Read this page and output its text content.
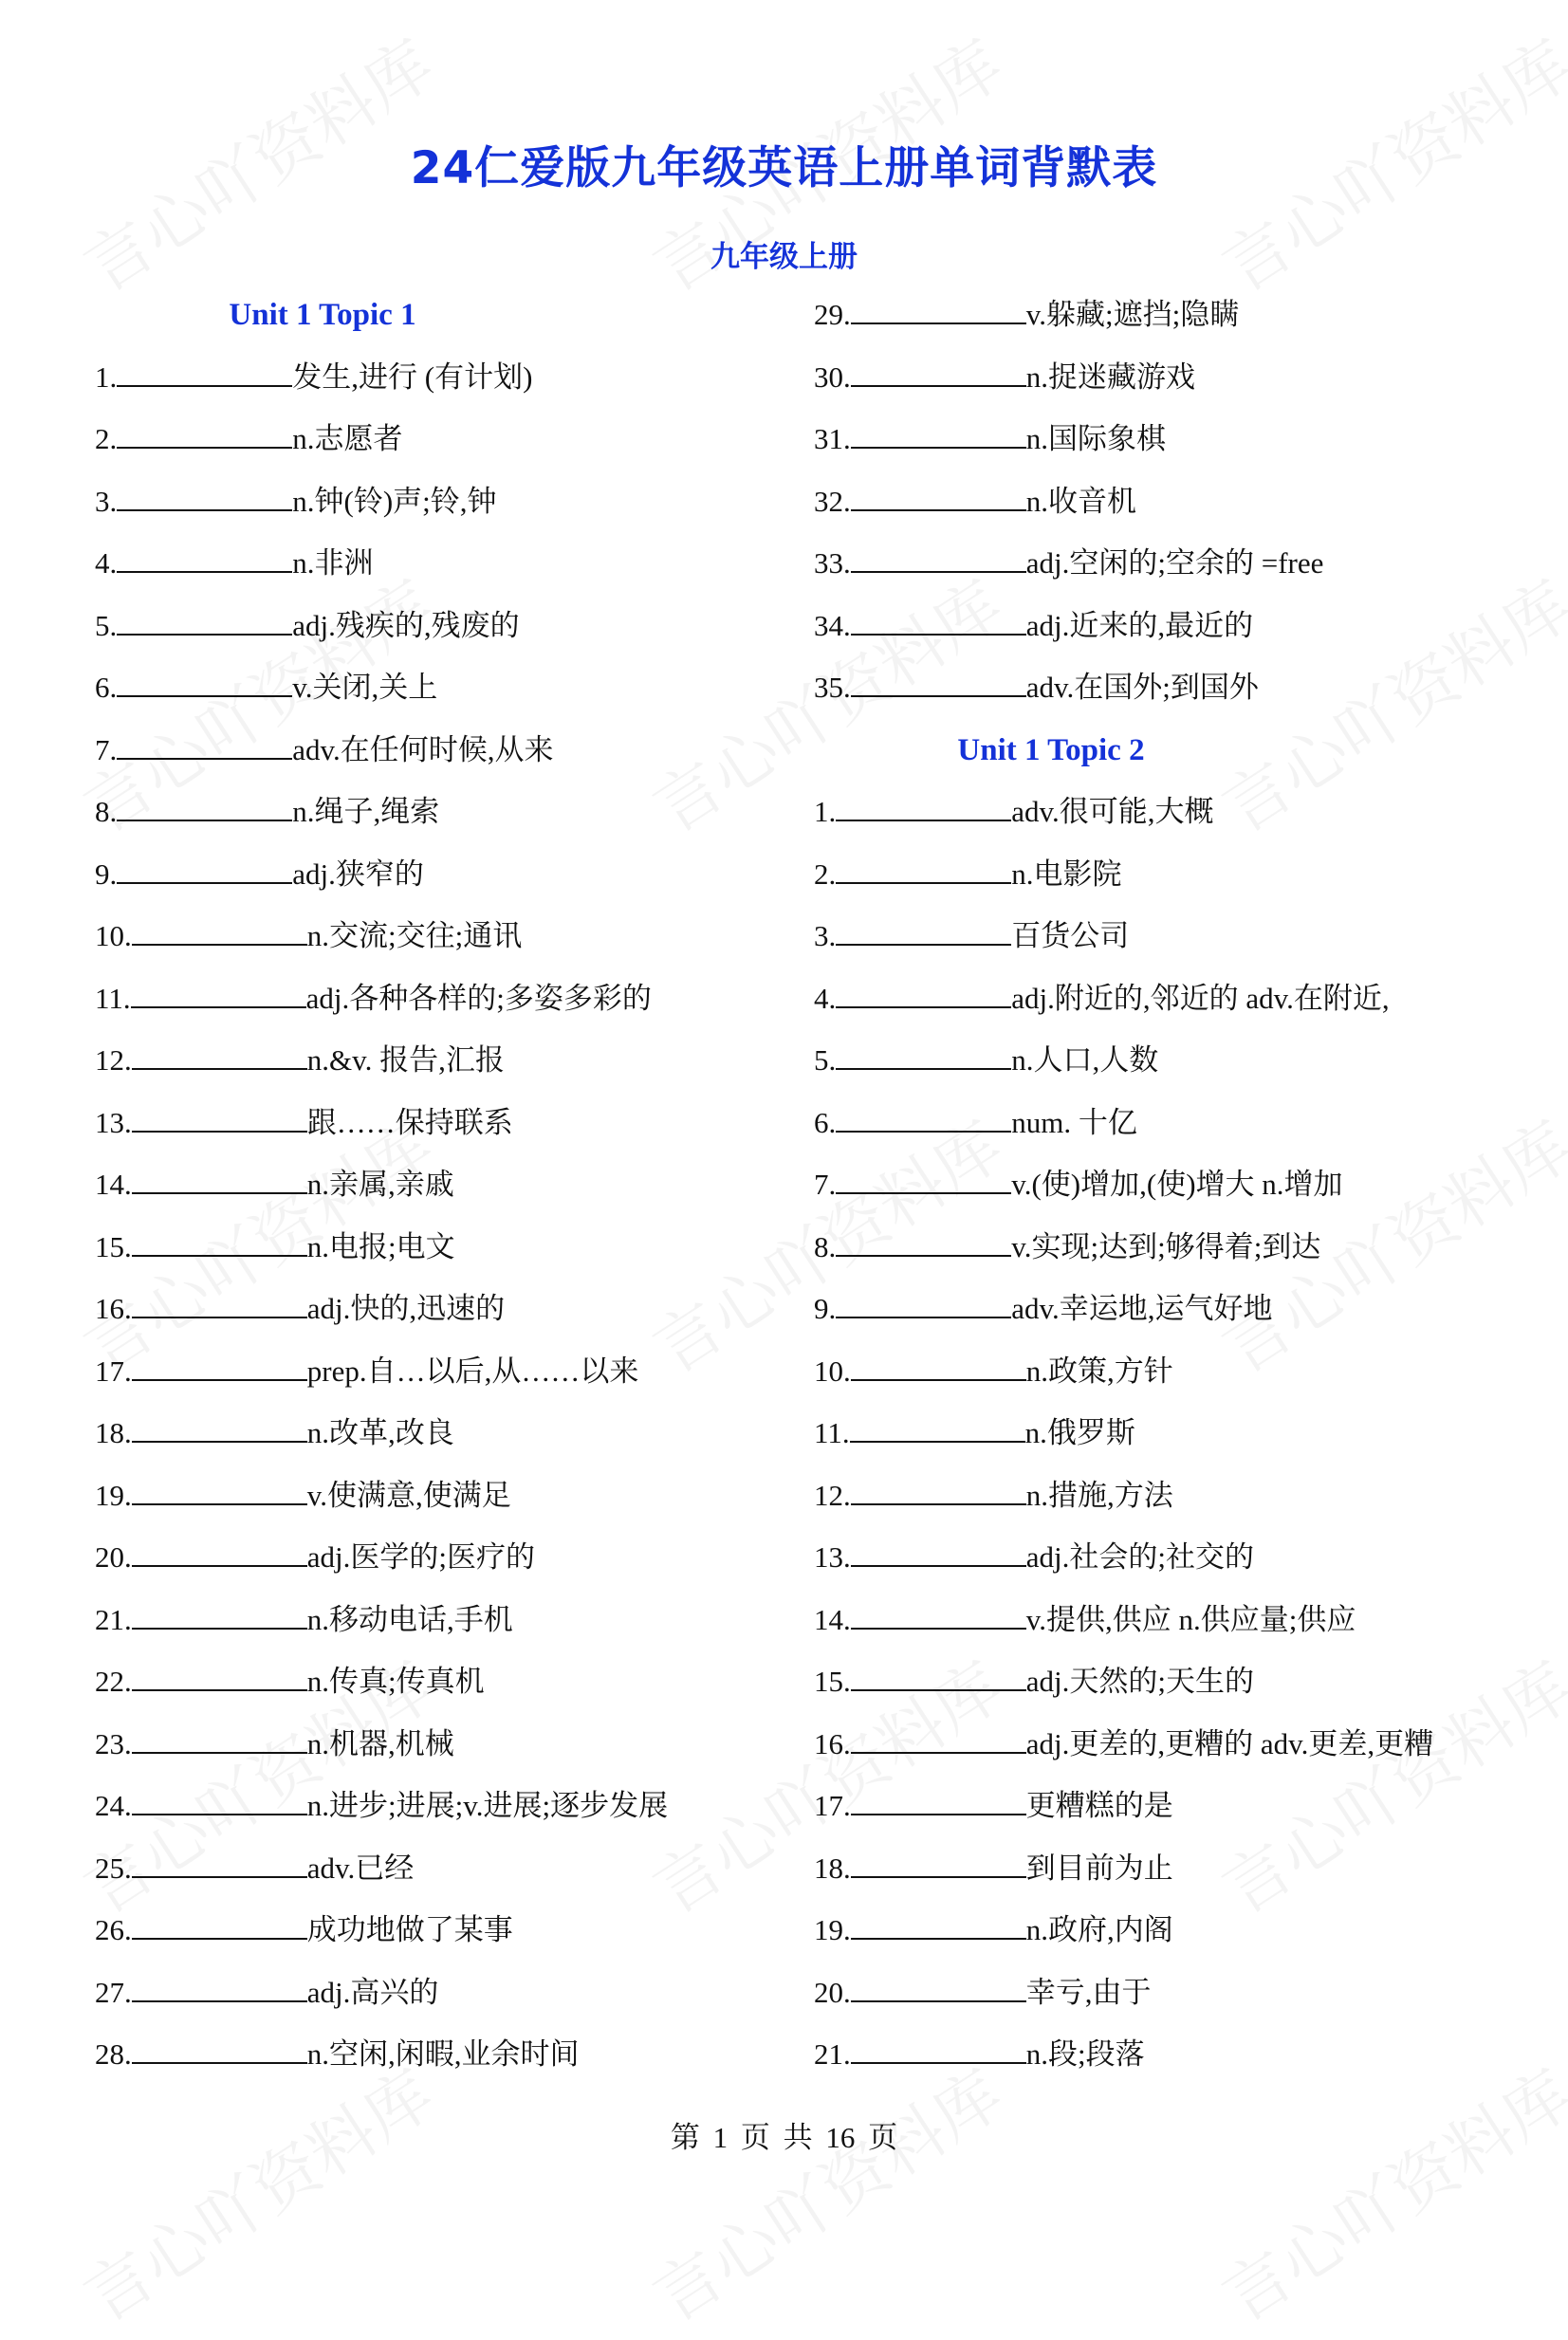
24仁爱版九年级英语上册单词背默表
九年级上册
Unit 1 Topic 1
1.	发生,进行 (有计划)
2.	n.志愿者
3.	n.钟(铃)声;铃,钟
4.	n.非洲
5.	adj.残疾的,残废的
6.	v.关闭,关上
7.	adv.在任何时候,从来
8.	n.绳子,绳索
9.	adj.狭窄的
10.	n.交流;交往;通讯
11.	adj.各种各样的;多姿多彩的
12.	n.&v. 报告,汇报
13.	跟……保持联系
14.	n.亲属,亲戚
15.	n.电报;电文
16.	adj.快的,迅速的
17.	prep.自…以后,从……以来
18.	n.改革,改良
19.	v.使满意,使满足
20.	adj.医学的;医疗的
21.	n.移动电话,手机
22.	n.传真;传真机
23.	n.机器,机械
24.	n.进步;进展;v.进展;逐步发展
25.	adv.已经
26.	成功地做了某事
27.	adj.高兴的
28.	n.空闲,闲暇,业余时间
29.	v.躲藏;遮挡;隐瞒
30.	n.捉迷藏游戏
31.	n.国际象棋
32.	n.收音机
33.	adj.空闲的;空余的 =free
34.	adj.近来的,最近的
35.	adv.在国外;到国外
Unit 1 Topic 2
1.	adv.很可能,大概
2.	n.电影院
3.	百货公司
4.	adj.附近的,邻近的 adv.在附近,
5.	n.人口,人数
6.	num. 十亿
7.	v.(使)增加,(使)增大 n.增加
8.	v.实现;达到;够得着;到达
9.	adv.幸运地,运气好地
10.	n.政策,方针
11.	n.俄罗斯
12.	n.措施,方法
13.	adj.社会的;社交的
14.	v.提供,供应 n.供应量;供应
15.	adj.天然的;天生的
16.	adj.更差的,更糟的 adv.更差,更糟
17.	更糟糕的是
18.	到目前为止
19.	n.政府,内阁
20.	幸亏,由于
21.	n.段;段落
第 1 页 共 16 页
